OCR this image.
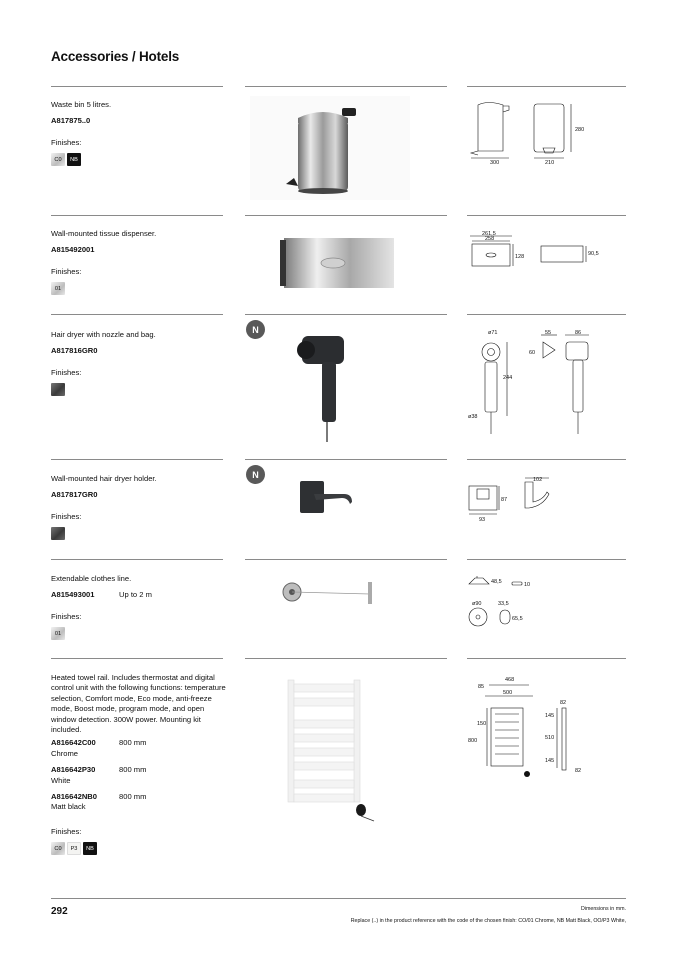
Accessories / Hotels
Waste bin 5 litres.
A817875..0
Finishes:
C0	NB
300	210
280
Wall-mounted tissue dispenser.
A815492001
Finishes:
01
261,5
258
128	90,5
Hair dryer with nozzle and bag.
A817816GR0
Finishes:
N	ø71	55	86
60
244
ø38
Wall-mounted hair dryer holder.
A817817GR0
Finishes:
N
102
87
93
Extendable clothes line.
A815493001	Up to 2 m
Finishes:
01
48,5	10
ø90	33,5
65,5
Heated towel rail. Includes thermostat and digital control unit with the following functions: temperature selection, Comfort mode, Eco mode, anti-freeze mode, Boost mode, program mode, and open window detection. 300W power. Mounting kit included.
A816642C00	800 mm
Chrome
A816642P30	800 mm
White
A816642NB0	800 mm
Matt black
Finishes:
C0	P3	NB
468
500
85
82
145
150
800	510
145
82
292	Dimensions in mm.
Replace (..) in the product reference with the code of the chosen finish: CO/01 Chrome, NB Matt Black, OO/P3 White,
